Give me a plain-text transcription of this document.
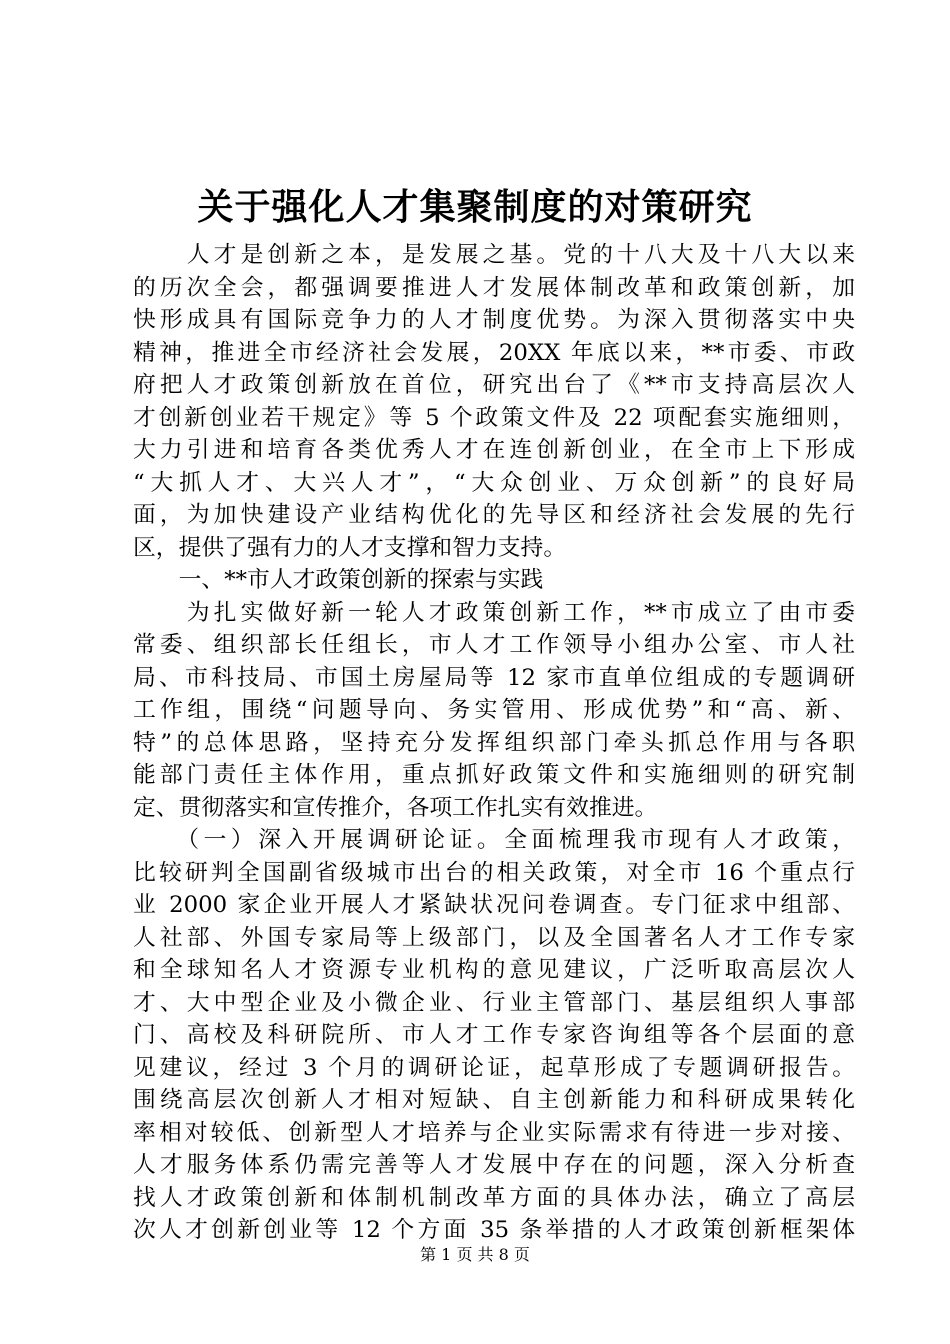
关于强化人才集聚制度的对策研究
　　人才是创新之本，是发展之基。党的十八大及十八大以来
的历次全会，都强调要推进人才发展体制改革和政策创新，加
快形成具有国际竞争力的人才制度优势。为深入贯彻落实中央
精神，推进全市经济社会发展，20XX 年底以来，**市委、市政
府把人才政策创新放在首位，研究出台了《**市支持高层次人
才创新创业若干规定》等 5 个政策文件及 22 项配套实施细则，
大力引进和培育各类优秀人才在连创新创业，在全市上下形成
“大抓人才、大兴人才”，“大众创业、万众创新”的良好局
面，为加快建设产业结构优化的先导区和经济社会发展的先行
区，提供了强有力的人才支撑和智力支持。
　　一、**市人才政策创新的探索与实践
　　为扎实做好新一轮人才政策创新工作，**市成立了由市委
常委、组织部长任组长，市人才工作领导小组办公室、市人社
局、市科技局、市国土房屋局等 12 家市直单位组成的专题调研
工作组，围绕“问题导向、务实管用、形成优势”和“高、新、
特”的总体思路，坚持充分发挥组织部门牵头抓总作用与各职
能部门责任主体作用，重点抓好政策文件和实施细则的研究制
定、贯彻落实和宣传推介，各项工作扎实有效推进。
　　（一）深入开展调研论证。全面梳理我市现有人才政策，
比较研判全国副省级城市出台的相关政策，对全市 16 个重点行
业 2000 家企业开展人才紧缺状况问卷调查。专门征求中组部、
人社部、外国专家局等上级部门，以及全国著名人才工作专家
和全球知名人才资源专业机构的意见建议，广泛听取高层次人
才、大中型企业及小微企业、行业主管部门、基层组织人事部
门、高校及科研院所、市人才工作专家咨询组等各个层面的意
见建议，经过 3 个月的调研论证，起草形成了专题调研报告。
围绕高层次创新人才相对短缺、自主创新能力和科研成果转化
率相对较低、创新型人才培养与企业实际需求有待进一步对接、
人才服务体系仍需完善等人才发展中存在的问题，深入分析查
找人才政策创新和体制机制改革方面的具体办法，确立了高层
次人才创新创业等 12 个方面 35 条举措的人才政策创新框架体
第 1 页 共 8 页
